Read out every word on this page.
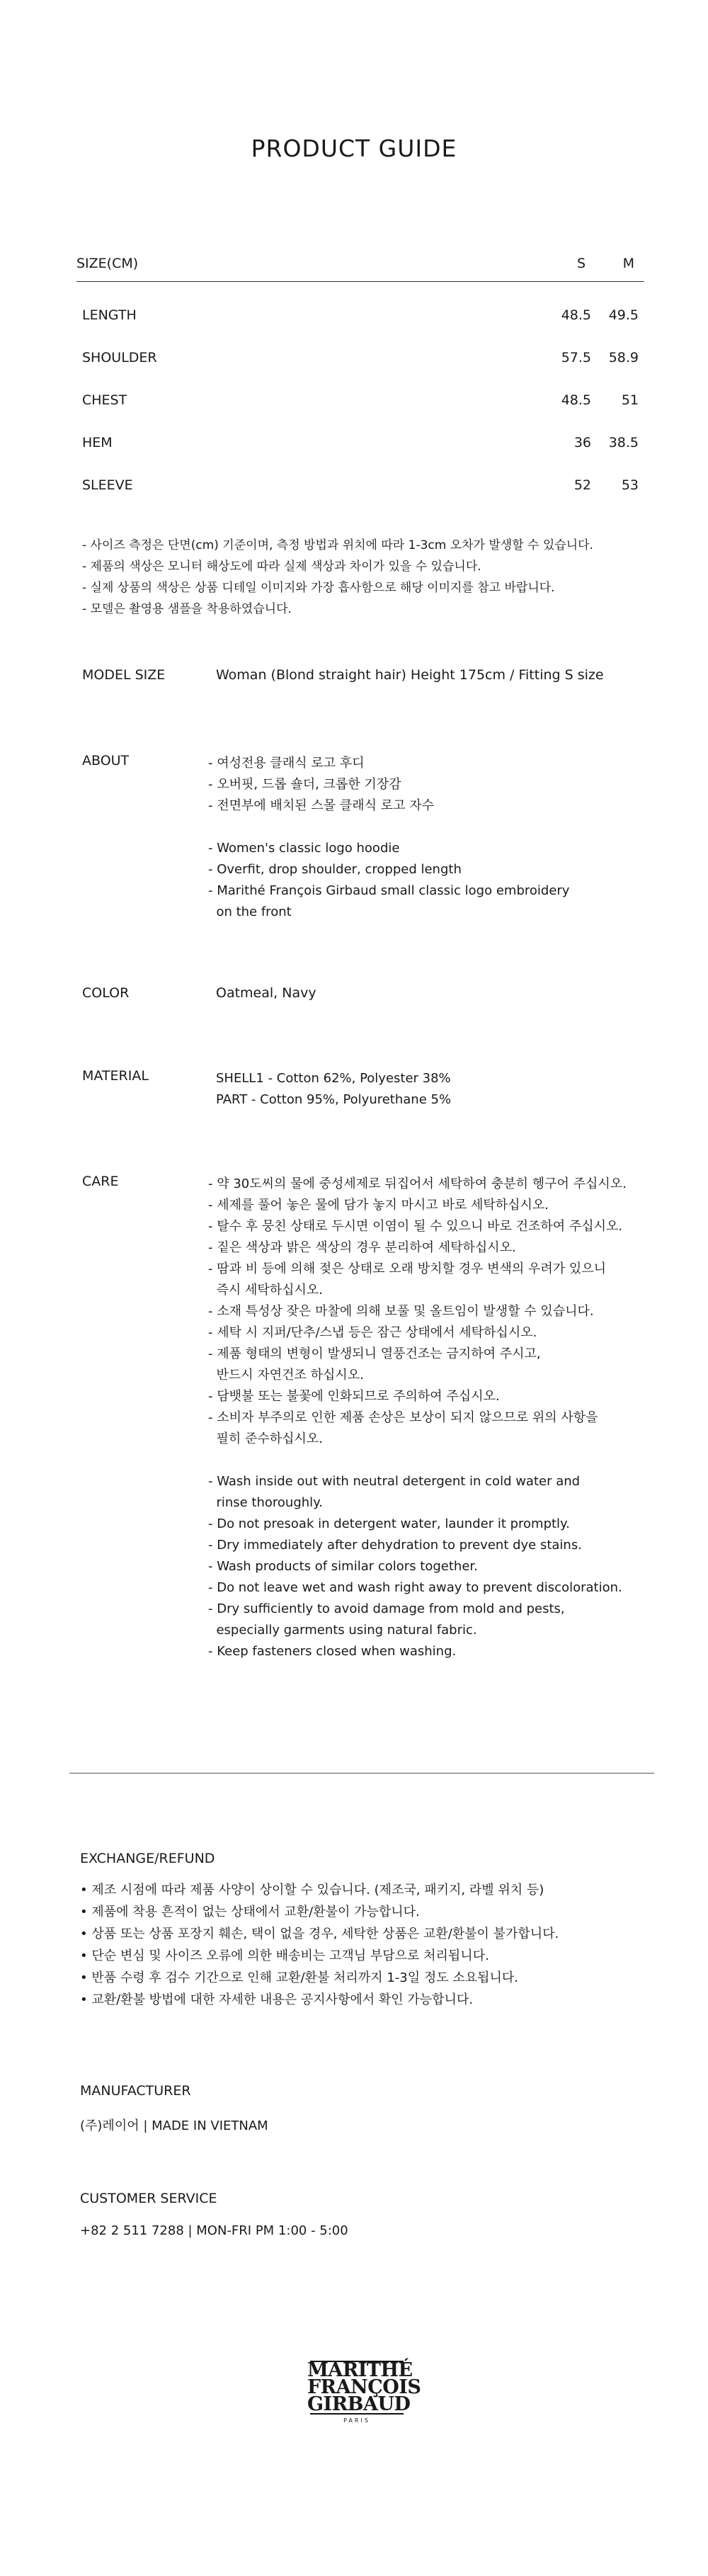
PRODUCT GUIDE
SIZE(CM)	S	M
LENGTH	48.5	49.5
SHOULDER	57.5	58.9
CHEST	48.5	51
HEM	36	38.5
SLEEVE	52	53
- 사이즈 측정은 단면(cm) 기준이며, 측정 방법과 위치에 따라 1-3cm 오차가 발생할 수 있습니다.
- 제품의 색상은 모니터 해상도에 따라 실제 색상과 차이가 있을 수 있습니다.
- 실제 상품의 색상은 상품 디테일 이미지와 가장 흡사함으로 해당 이미지를 참고 바랍니다.
- 모델은 촬영용 샘플을 착용하였습니다.
MODEL SIZE	Woman (Blond straight hair) Height 175cm / Fitting S size
ABOUT	- 여성전용 클래식 로고 후디
- 오버핏, 드롭 숄더, 크롭한 기장감
- 전면부에 배치된 스몰 클래식 로고 자수
- Women's classic logo hoodie
- Overfit, drop shoulder, cropped length
- Marithé François Girbaud small classic logo embroidery
on the front
COLOR	Oatmeal, Navy
MATERIAL	SHELL1 - Cotton 62%, Polyester 38%
PART - Cotton 95%, Polyurethane 5%
CARE	- 약 30도씨의 물에 중성세제로 뒤집어서 세탁하여 충분히 헹구어 주십시오.
- 세제를 풀어 놓은 물에 담가 놓지 마시고 바로 세탁하십시오.
- 탈수 후 뭉친 상태로 두시면 이염이 될 수 있으니 바로 건조하여 주십시오.
- 짙은 색상과 밝은 색상의 경우 분리하여 세탁하십시오.
- 땀과 비 등에 의해 젖은 상태로 오래 방치할 경우 변색의 우려가 있으니
즉시 세탁하십시오.
- 소재 특성상 잦은 마찰에 의해 보풀 및 올트임이 발생할 수 있습니다.
- 세탁 시 지퍼/단추/스냅 등은 잠근 상태에서 세탁하십시오.
- 제품 형태의 변형이 발생되니 열풍건조는 금지하여 주시고,
반드시 자연건조 하십시오.
- 담뱃불 또는 불꽃에 인화되므로 주의하여 주십시오.
- 소비자 부주의로 인한 제품 손상은 보상이 되지 않으므로 위의 사항을
필히 준수하십시오.
- Wash inside out with neutral detergent in cold water and
rinse thoroughly.
- Do not presoak in detergent water, launder it promptly.
- Dry immediately after dehydration to prevent dye stains.
- Wash products of similar colors together.
- Do not leave wet and wash right away to prevent discoloration.
- Dry sufficiently to avoid damage from mold and pests,
especially garments using natural fabric.
- Keep fasteners closed when washing.
EXCHANGE/REFUND
• 제조 시점에 따라 제품 사양이 상이할 수 있습니다. (제조국, 패키지, 라벨 위치 등)
• 제품에 착용 흔적이 없는 상태에서 교환/환불이 가능합니다.
• 상품 또는 상품 포장지 훼손, 택이 없을 경우, 세탁한 상품은 교환/환불이 불가합니다.
• 단순 변심 및 사이즈 오류에 의한 배송비는 고객님 부담으로 처리됩니다.
• 반품 수령 후 검수 기간으로 인해 교환/환불 처리까지 1-3일 정도 소요됩니다.
• 교환/환불 방법에 대한 자세한 내용은 공지사항에서 확인 가능합니다.
MANUFACTURER
(주)레이어 | MADE IN VIETNAM
CUSTOMER SERVICE
+82 2 511 7288 | MON-FRI PM 1:00 - 5:00
MARITHÉ
FRANÇOIS
GIRBAUD
PARIS
